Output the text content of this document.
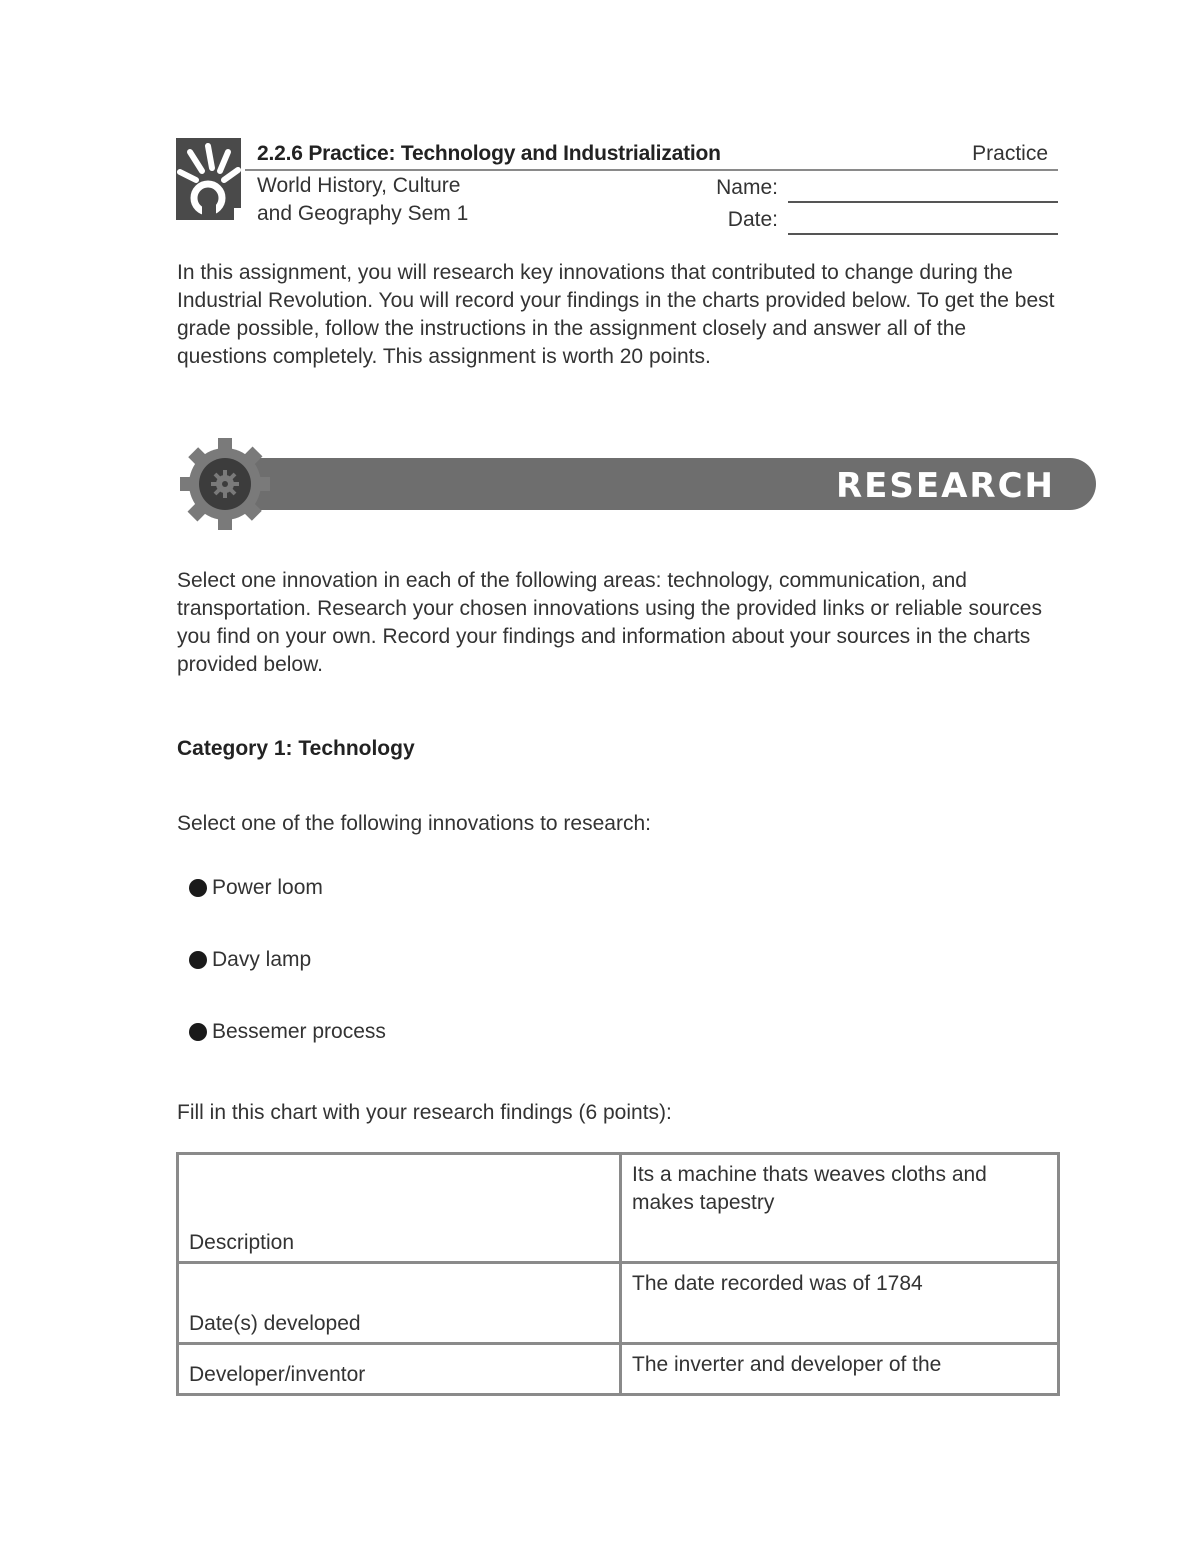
2.2.6 Practice: Technology and Industrialization	Practice
World History, Culture
and Geography Sem 1
Name:
Date:

In this assignment, you will research key innovations that contributed to change during the Industrial Revolution. You will record your findings in the charts provided below. To get the best grade possible, follow the instructions in the assignment closely and answer all of the questions completely. This assignment is worth 20 points.

RESEARCH

Select one innovation in each of the following areas: technology, communication, and transportation. Research your chosen innovations using the provided links or reliable sources you find on your own. Record your findings and information about your sources in the charts provided below.

Category 1: Technology
Select one of the following innovations to research:
Power loom
Davy lamp
Bessemer process
Fill in this chart with your research findings (6 points):
Description	Its a machine thats weaves cloths and makes tapestry
Date(s) developed	The date recorded was of 1784
Developer/inventor	The inverter and developer of the
